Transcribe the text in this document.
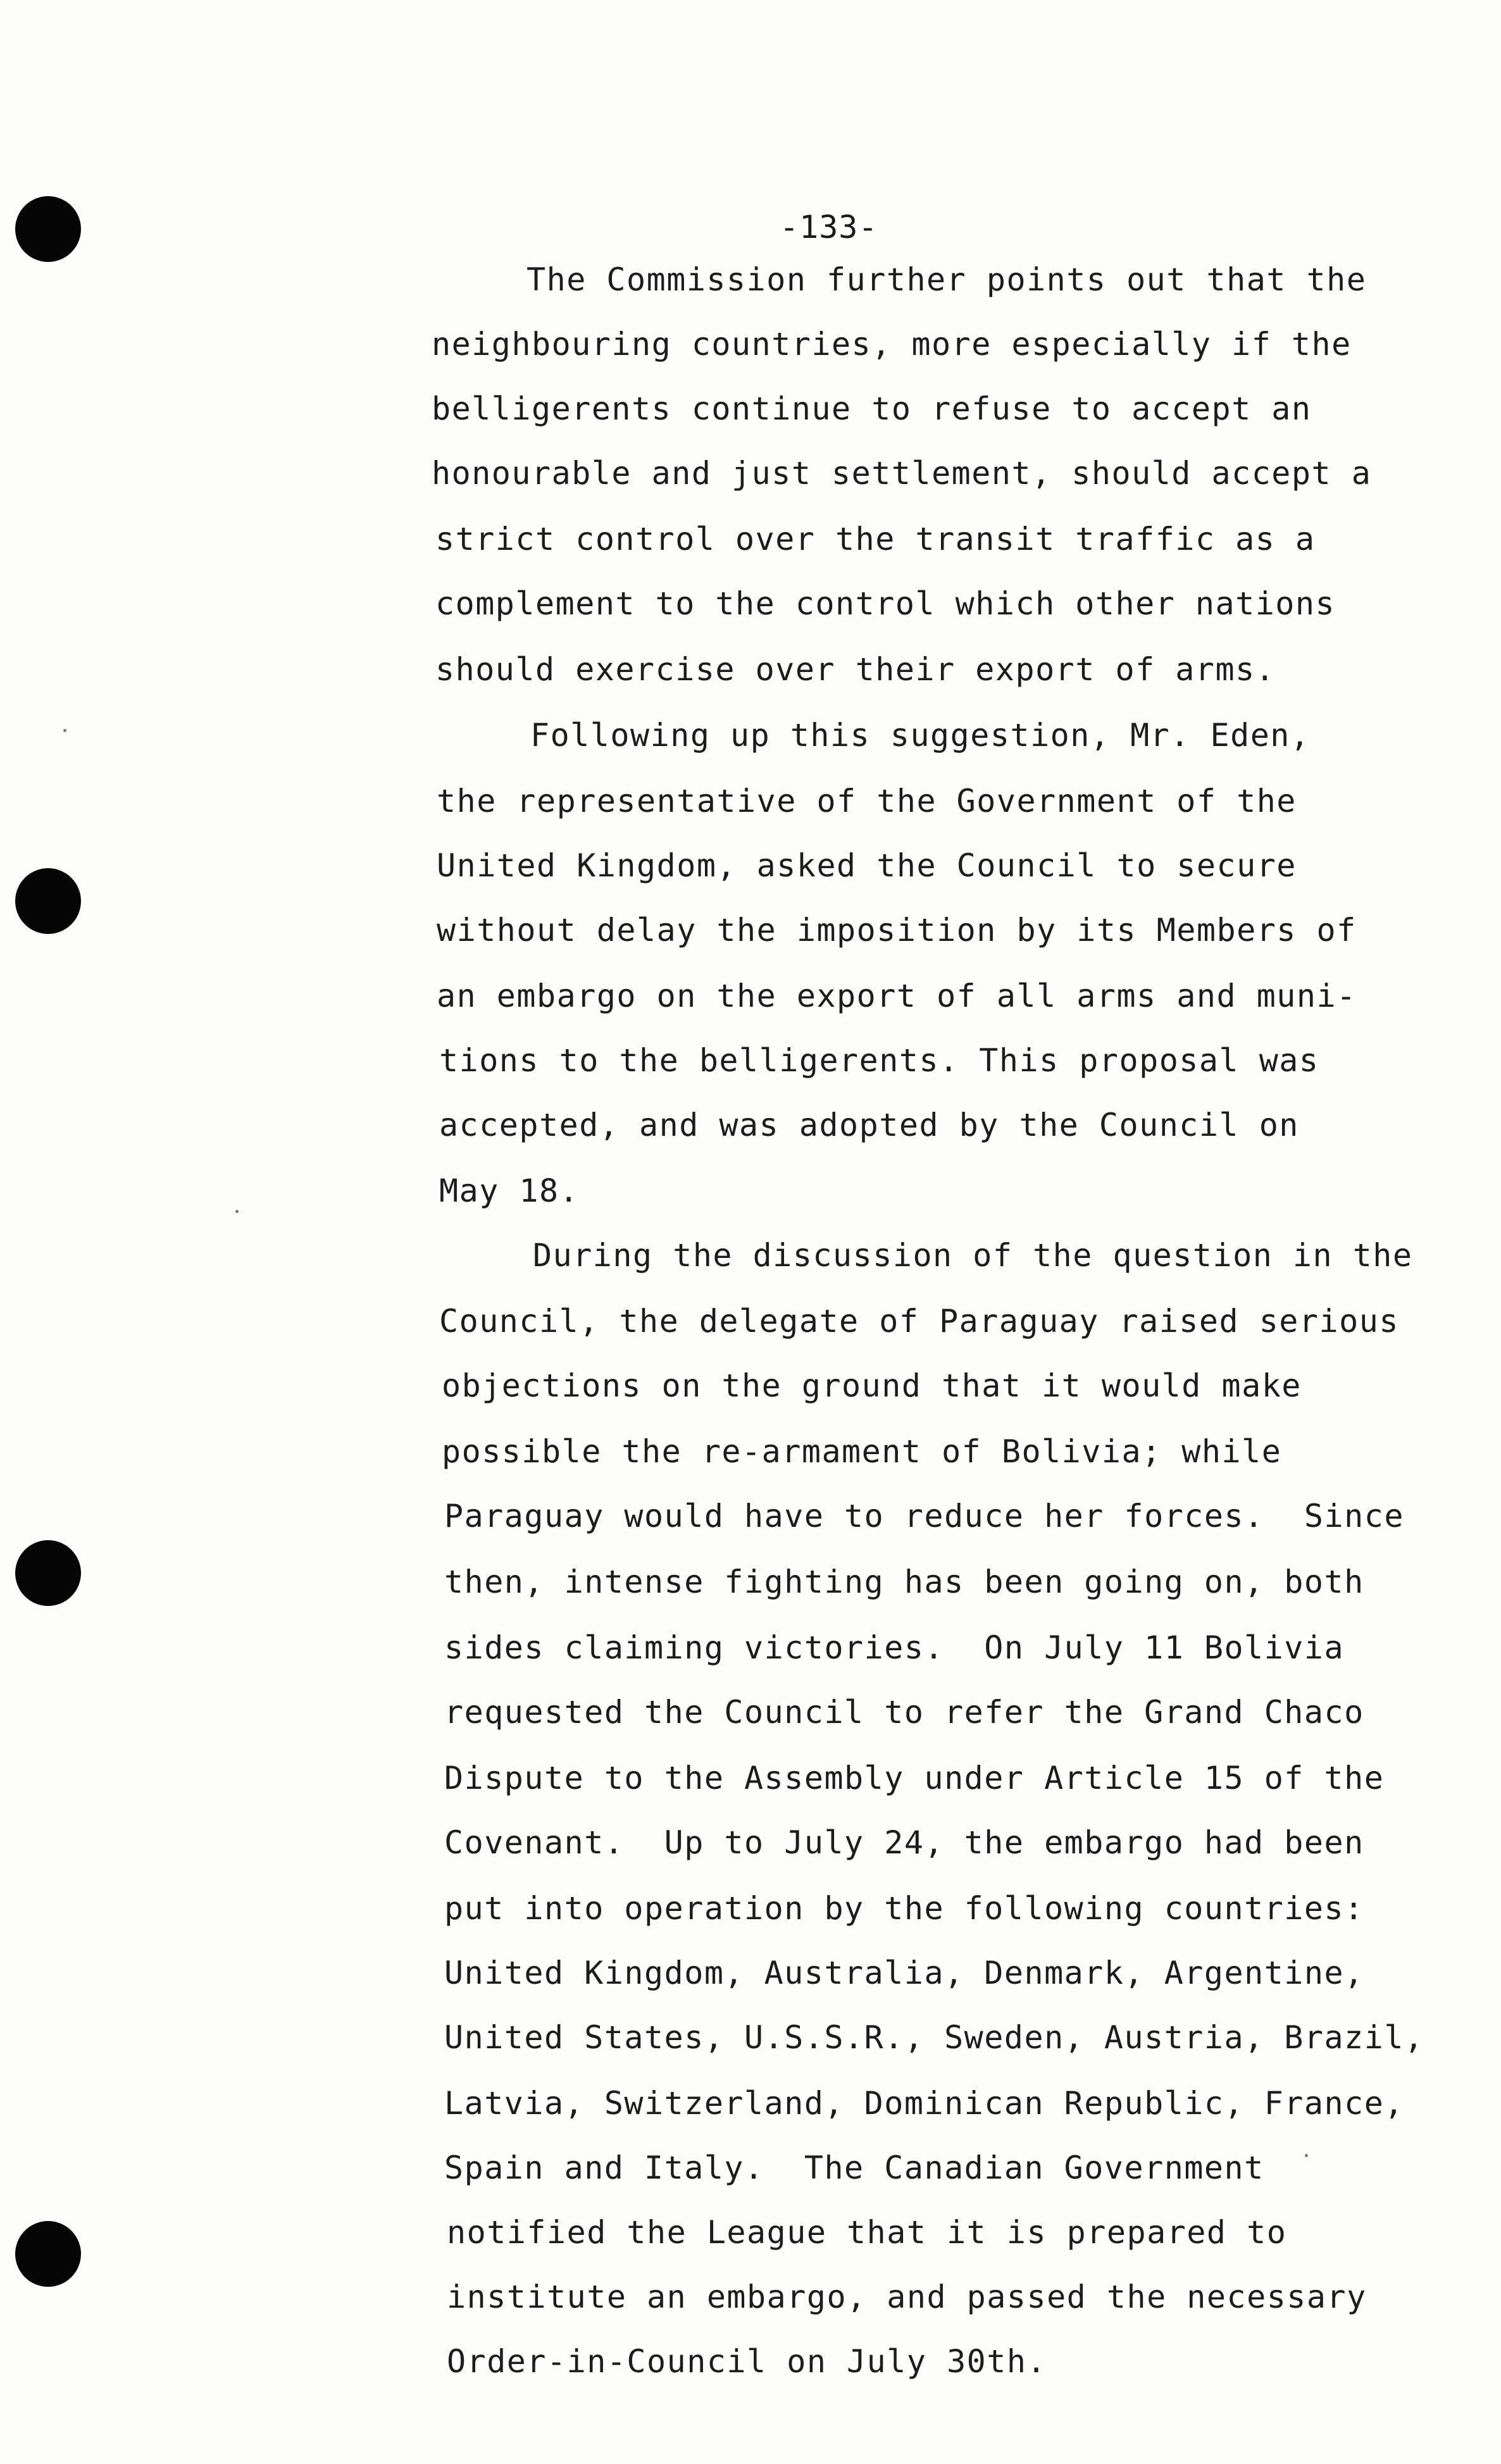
-133-
The Commission further points out that the
neighbouring countries, more especially if the
belligerents continue to refuse to accept an
honourable and just settlement, should accept a
strict control over the transit traffic as a
complement to the control which other nations
should exercise over their export of arms.
Following up this suggestion, Mr. Eden,
the representative of the Government of the
United Kingdom, asked the Council to secure
without delay the imposition by its Members of
an embargo on the export of all arms and muni-
tions to the belligerents. This proposal was
accepted, and was adopted by the Council on
May 18.
During the discussion of the question in the
Council, the delegate of Paraguay raised serious
objections on the ground that it would make
possible the re-armament of Bolivia; while
Paraguay would have to reduce her forces.  Since
then, intense fighting has been going on, both
sides claiming victories.  On July 11 Bolivia
requested the Council to refer the Grand Chaco
Dispute to the Assembly under Article 15 of the
Covenant.  Up to July 24, the embargo had been
put into operation by the following countries:
United Kingdom, Australia, Denmark, Argentine,
United States, U.S.S.R., Sweden, Austria, Brazil,
Latvia, Switzerland, Dominican Republic, France,
Spain and Italy.  The Canadian Government
notified the League that it is prepared to
institute an embargo, and passed the necessary
Order-in-Council on July 30th.
